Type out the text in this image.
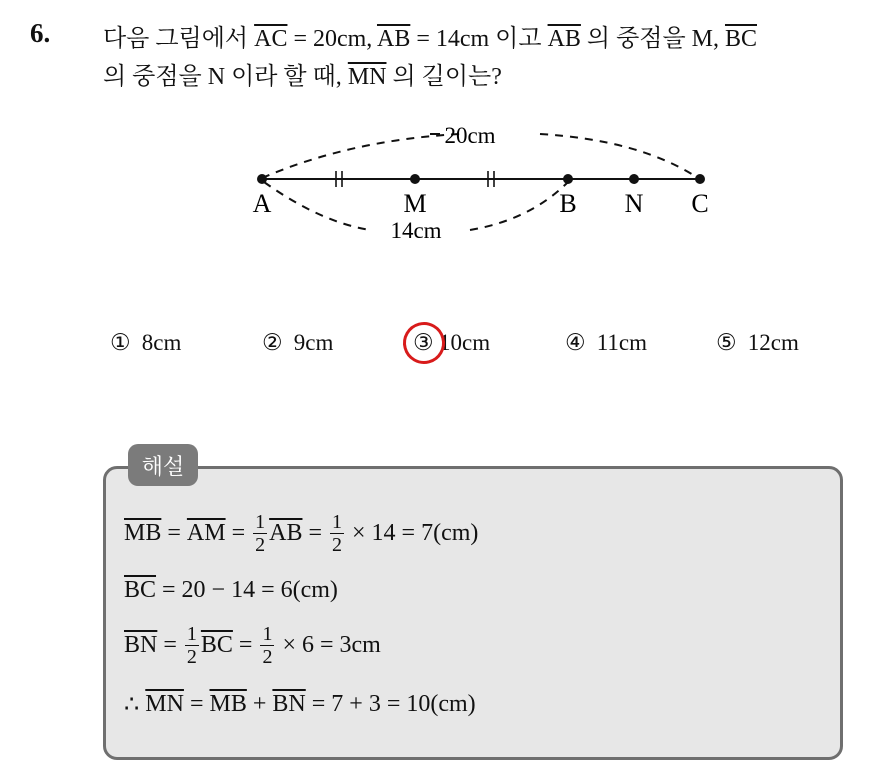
6. 다음 그림에서 $\overline{AC} = 20cm$, $\overline{AB} = 14cm$ 이고 $\overline{AB}$ 의 중점을 M, $\overline{BC}$
의 중점을 N 이라 할 때, $\overline{MN}$ 의 길이는?
20cm
14cm
A	M	B N C
① 8cm	② 9cm	③ 10cm	④ 11cm	⑤ 12cm
해설
$\overline{MB} = \overline{AM} = \frac{1}{2} \overline{AB} = \frac{1}{2} \times 14 = 7(cm)$
$\overline{BC} = 20 - 14 = 6(cm)$
$\overline{BN} = \frac{1}{2} \overline{BC} = \frac{1}{2} \times 6 = 3cm$
∴ $\overline{MN} = \overline{MB} + \overline{BN} = 7 + 3 = 10(cm)$
